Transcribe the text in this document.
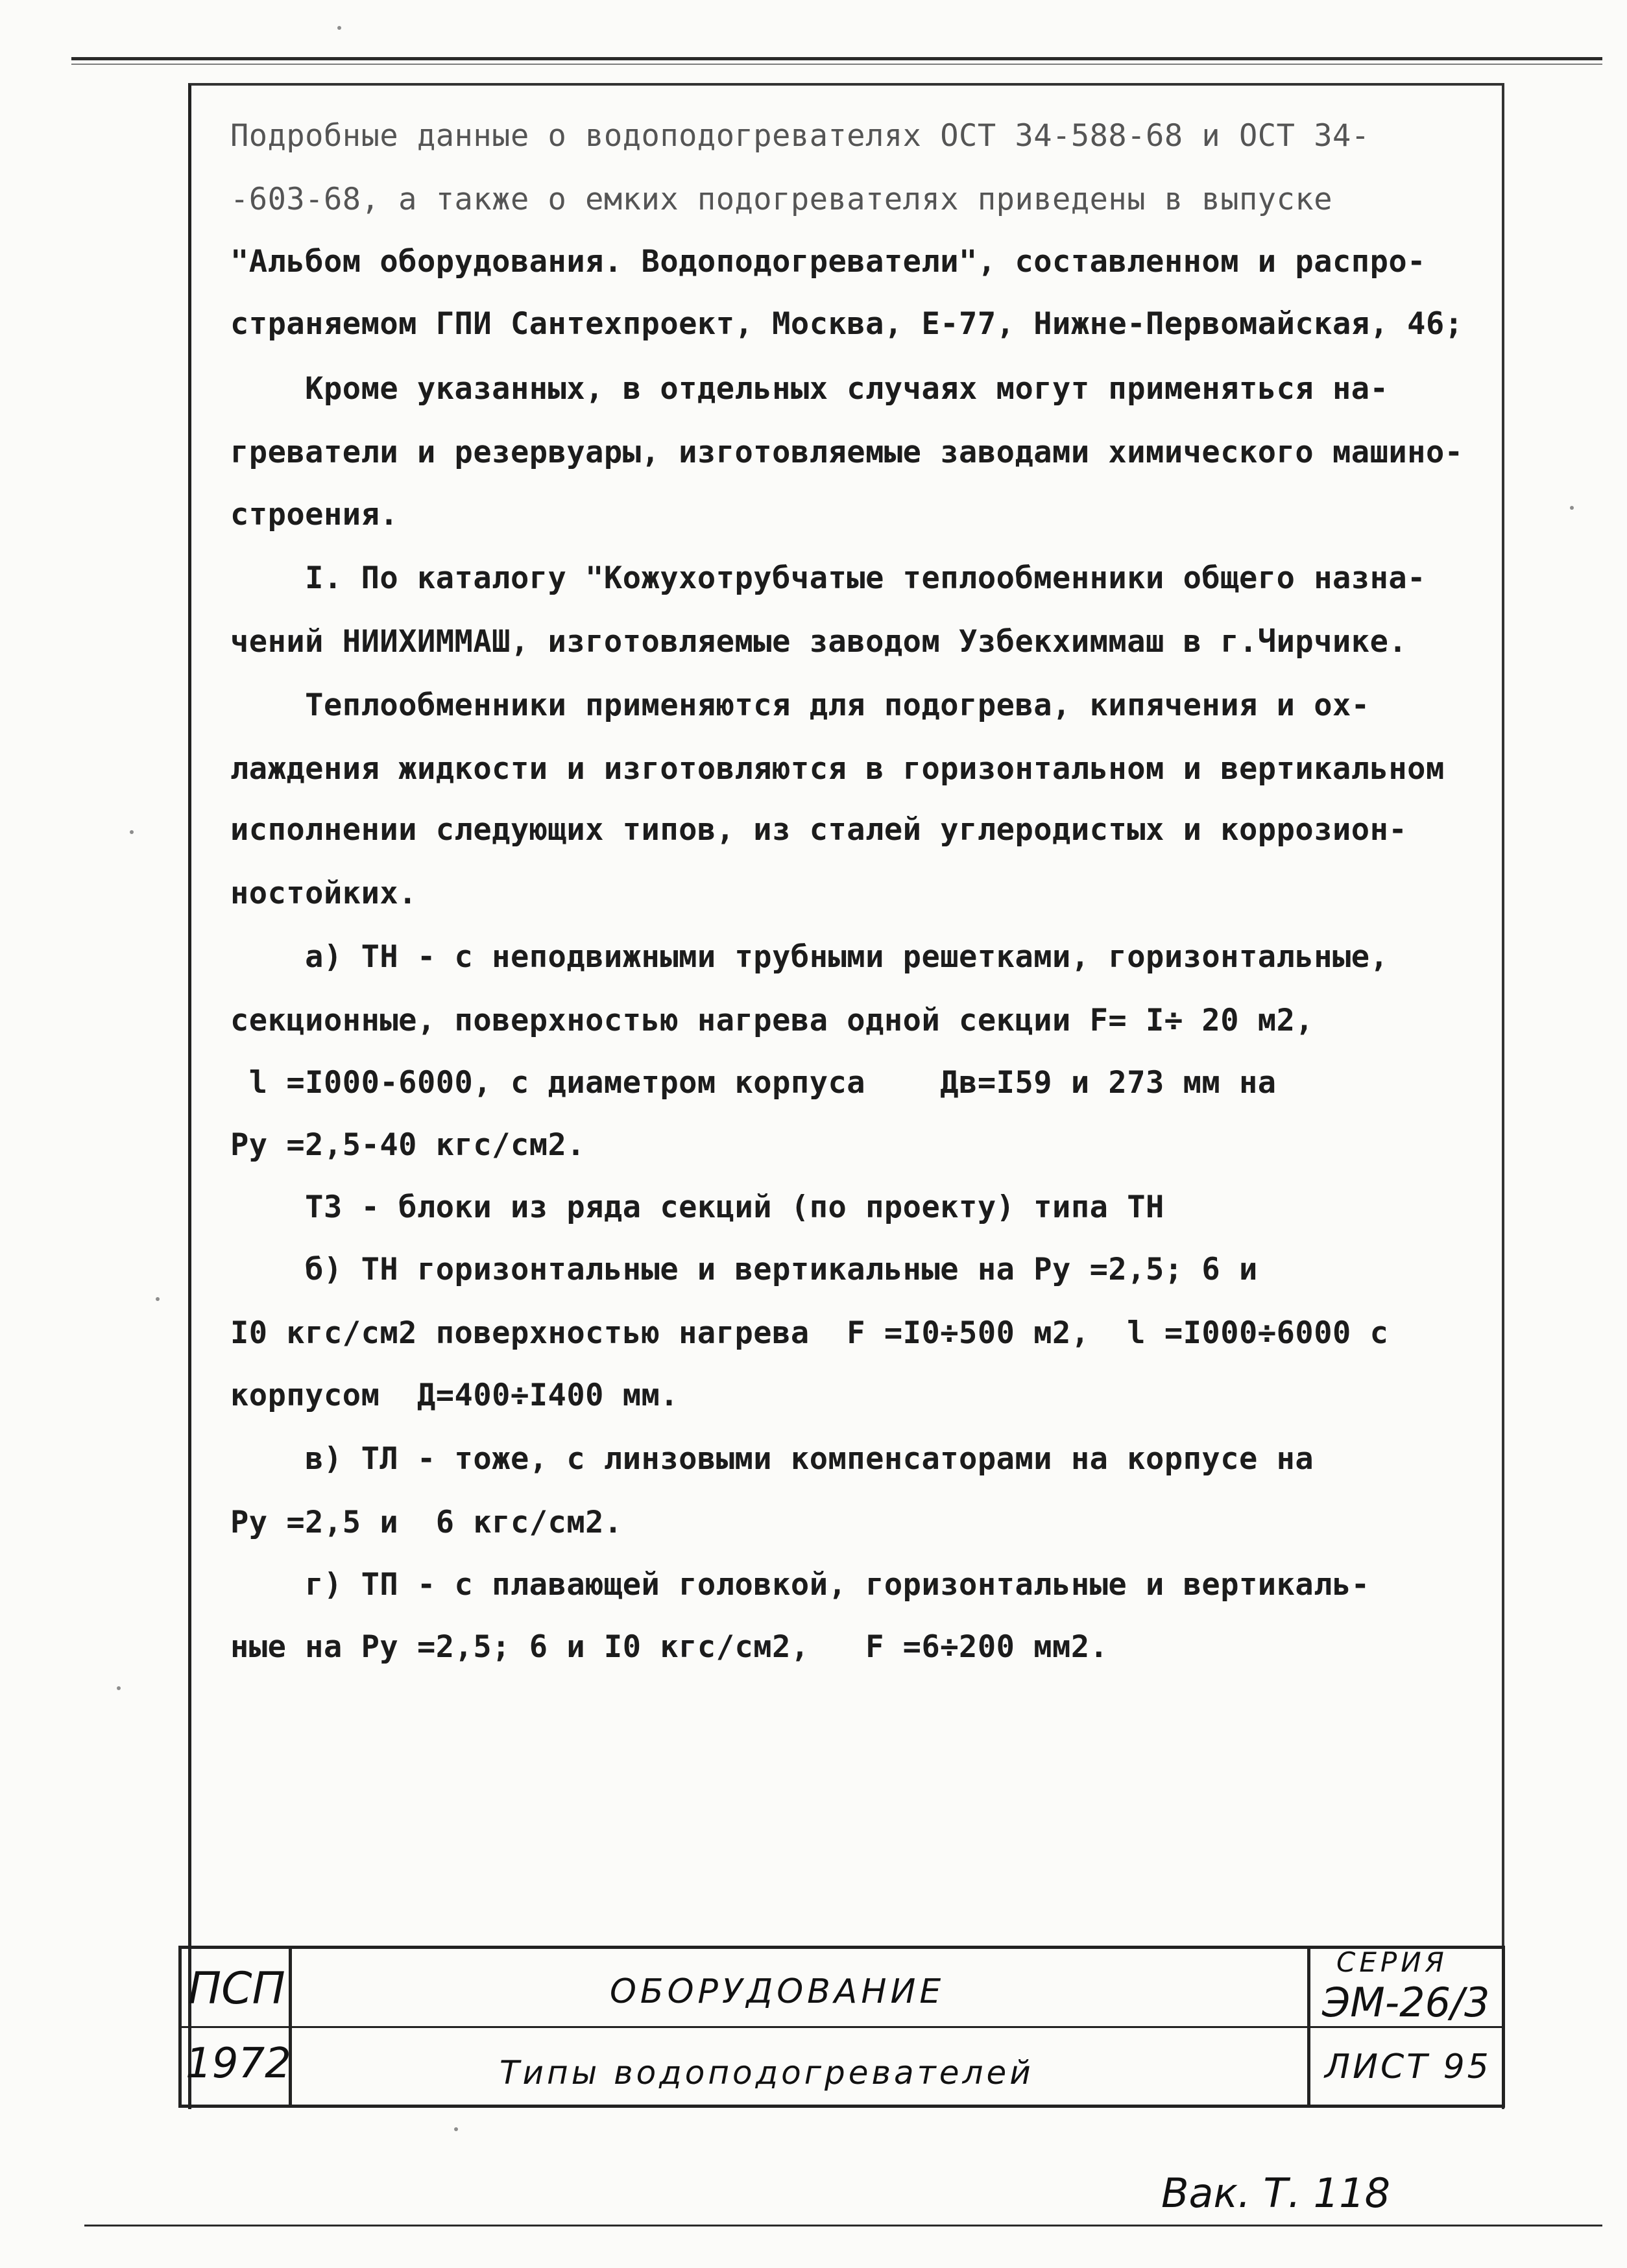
Подробные данные о водоподогревателях ОСТ 34-588-68 и ОСТ 34-
-603-68, а также о емких подогревателях приведены в выпуске
"Альбом оборудования. Водоподогреватели", составленном и распро-
страняемом ГПИ Сантехпроект, Москва, Е-77, Нижне-Первомайская, 46;
Кроме указанных, в отдельных случаях могут применяться на-
греватели и резервуары, изготовляемые заводами химического машино-
строения.
I. По каталогу "Кожухотрубчатые теплообменники общего назна-
чений НИИХИММАШ, изготовляемые заводом Узбекхиммаш в г.Чирчике.
Теплообменники применяются для подогрева, кипячения и ох-
лаждения жидкости и изготовляются в горизонтальном и вертикальном
исполнении следующих типов, из сталей углеродистых и коррозион-
ностойких.
а) ТН - с неподвижными трубными решетками, горизонтальные,
секционные, поверхностью нагрева одной секции F= I÷ 20 м2,
l =I000-6000, с диаметром корпуса    Дв=I59 и 273 мм на
Ру =2,5-40 кгс/см2.
ТЗ - блоки из ряда секций (по проекту) типа ТН
б) ТН горизонтальные и вертикальные на Ру =2,5; 6 и
I0 кгс/см2 поверхностью нагрева  F =I0÷500 м2,  l =I000÷6000 с
корпусом  Д=400÷I400 мм.
в) ТЛ - тоже, с линзовыми компенсаторами на корпусе на
Ру =2,5 и  6 кгс/см2.
г) ТП - с плавающей головкой, горизонтальные и вертикаль-
ные на Ру =2,5; 6 и I0 кгс/см2,   F =6÷200 мм2.
ПСП
1972
ОБОРУДОВАНИЕ
Типы водоподогревателей
СЕРИЯ
ЭМ-26/3
ЛИСТ 95
Вак. Т. 118
